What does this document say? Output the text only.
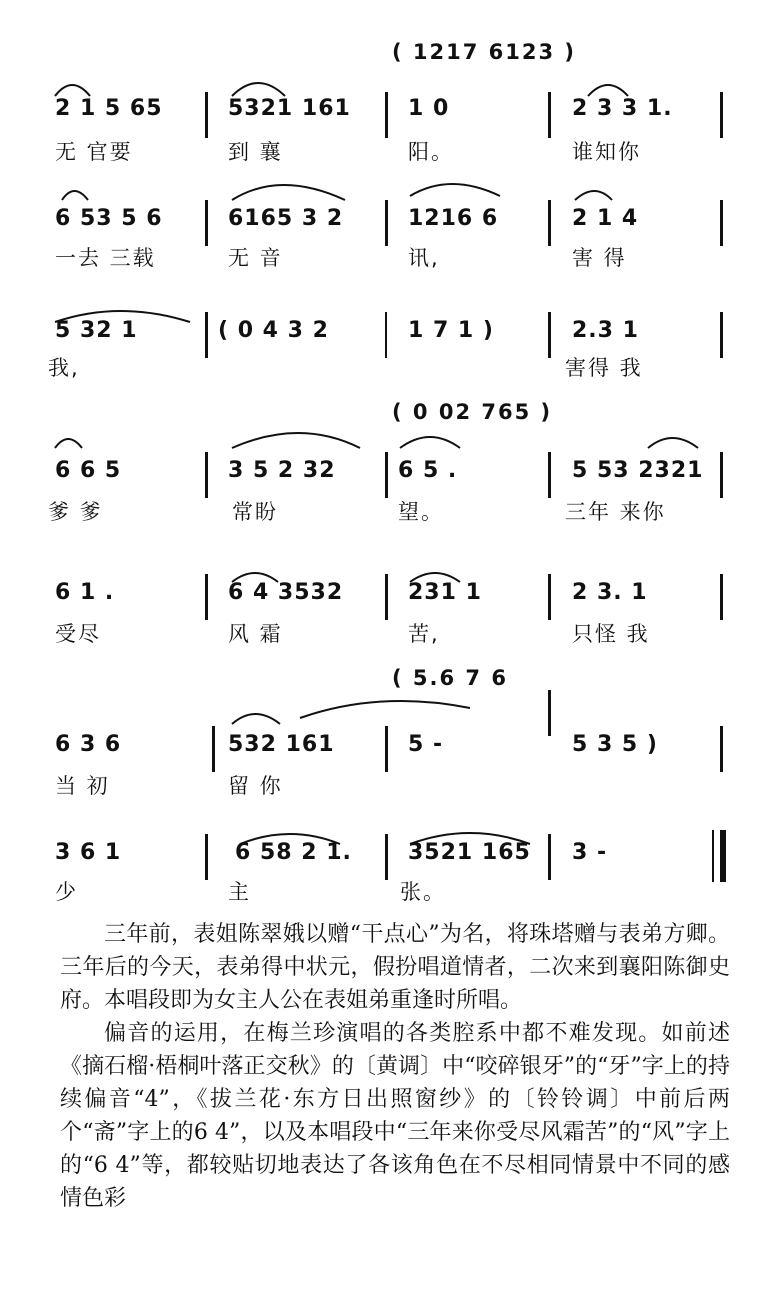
( 1217 6123 )
2 1 5 65
无 官要
5321 161
到 襄
1 0
阳。
2 3 3 1.
谁知你
6 53 5 6
一去 三载
6165 3 2
无 音
1216 6
讯,
2 1 4
害 得
5 32 1
我,
( 0 4 3 2	1 7 1 )	2.3 1
害得 我
( 0 02 765 )
6 6 5
爹 爹
3 5 2 32
常盼
6 5 .
望。
5 53 2321
三年 来你
6 1 .
受尽
6 4 3532
风 霜
231 1
苦,
2 3. 1
只怪 我
( 5.6 7 6
6 3 6
当 初
532 161
留 你
5 -	5 3 5 )
3 6 1
少
6 58 2 1.
主
3521 165
张。
3 -

三年前，表姐陈翠娥以赠“干点心”为名，将珠塔赠与表弟方卿。三年后的今天，表弟得中状元，假扮唱道情者，二次来到襄阳陈御史府。本唱段即为女主人公在表姐弟重逢时所唱。

偏音的运用，在梅兰珍演唱的各类腔系中都不难发现。如前述《摘石榴·梧桐叶落正交秋》的〔黄调〕中“咬碎银牙”的“牙”字上的持续偏音“4”，《拔兰花·东方日出照窗纱》的〔铃铃调〕中前后两个“斋”字上的6 4”，以及本唱段中“三年来你受尽风霜苦”的“风”字上的“6 4”等，都较贴切地表达了各该角色在不尽相同情景中不同的感情色彩
